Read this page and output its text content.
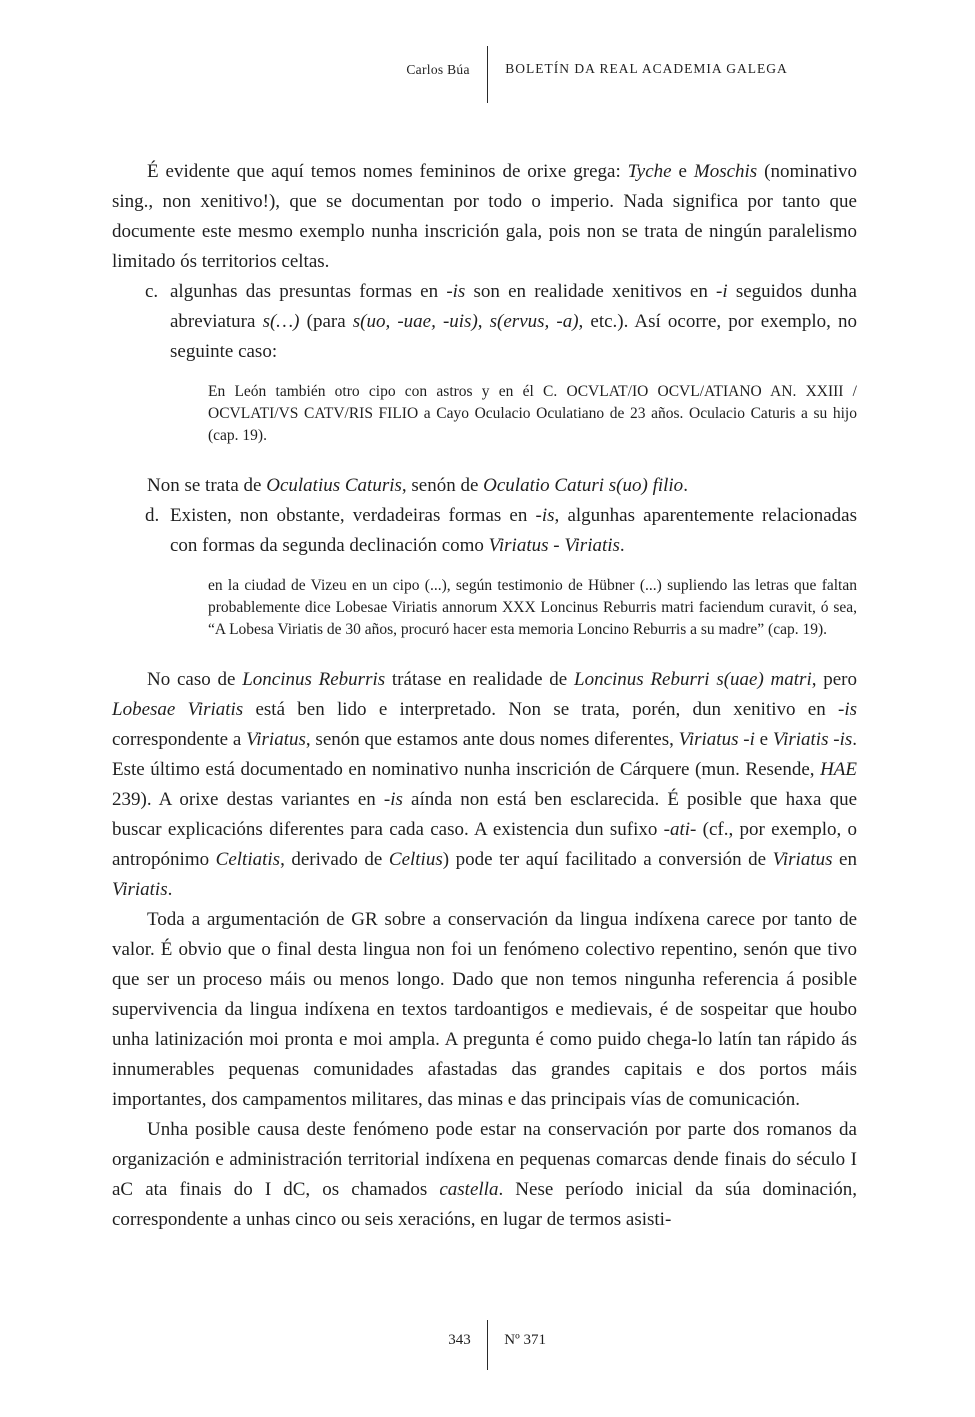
Carlos Búa	BOLETÍN DA REAL ACADEMIA GALEGA

É evidente que aquí temos nomes femininos de orixe grega: Tyche e Moschis (nominativo sing., non xenitivo!), que se documentan por todo o imperio. Nada significa por tanto que documente este mesmo exemplo nunha inscrición gala, pois non se trata de ningún paralelismo limitado ós territorios celtas.

c. algunhas das presuntas formas en -is son en realidade xenitivos en -i seguidos dunha abreviatura s(…) (para s(uo, -uae, -uis), s(ervus, -a), etc.). Así ocorre, por exemplo, no seguinte caso:
En León también otro cipo con astros y en él C. OCVLAT/IO OCVL/ATIANO AN. XXIII / OCVLATI/VS CATV/RIS FILIO a Cayo Oculacio Oculatiano de 23 años. Oculacio Caturis a su hijo (cap. 19).

Non se trata de Oculatius Caturis, senón de Oculatio Caturi s(uo) filio.

d. Existen, non obstante, verdadeiras formas en -is, algunhas aparentemente relacionadas con formas da segunda declinación como Viriatus - Viriatis.
en la ciudad de Vizeu en un cipo (...), según testimonio de Hübner (...) supliendo las letras que faltan probablemente dice Lobesae Viriatis annorum XXX Loncinus Reburris matri faciendum curavit, ó sea, “A Lobesa Viriatis de 30 años, procuró hacer esta memoria Loncino Reburris a su madre” (cap. 19).

No caso de Loncinus Reburris trátase en realidade de Loncinus Reburri s(uae) matri, pero Lobesae Viriatis está ben lido e interpretado. Non se trata, porén, dun xenitivo en -is correspondente a Viriatus, senón que estamos ante dous nomes diferentes, Viriatus -i e Viriatis -is. Este último está documentado en nominativo nunha inscrición de Cárquere (mun. Resende, HAE 239). A orixe destas variantes en -is aínda non está ben esclarecida. É posible que haxa que buscar explicacións diferentes para cada caso. A existencia dun sufixo -ati- (cf., por exemplo, o antropónimo Celtiatis, derivado de Celtius) pode ter aquí facilitado a conversión de Viriatus en Viriatis.

Toda a argumentación de GR sobre a conservación da lingua indíxena carece por tanto de valor. É obvio que o final desta lingua non foi un fenómeno colectivo repentino, senón que tivo que ser un proceso máis ou menos longo. Dado que non temos ningunha referencia á posible supervivencia da lingua indíxena en textos tardoantigos e medievais, é de sospeitar que houbo unha latinización moi pronta e moi ampla. A pregunta é como puido chega-lo latín tan rápido ás innumerables pequenas comunidades afastadas das grandes capitais e dos portos máis importantes, dos campamentos militares, das minas e das principais vías de comunicación.

Unha posible causa deste fenómeno pode estar na conservación por parte dos romanos da organización e administración territorial indíxena en pequenas comarcas dende finais do século I aC ata finais do I dC, os chamados castella. Nese período inicial da súa dominación, correspondente a unhas cinco ou seis xeracións, en lugar de termos asisti-

343	Nº 371
